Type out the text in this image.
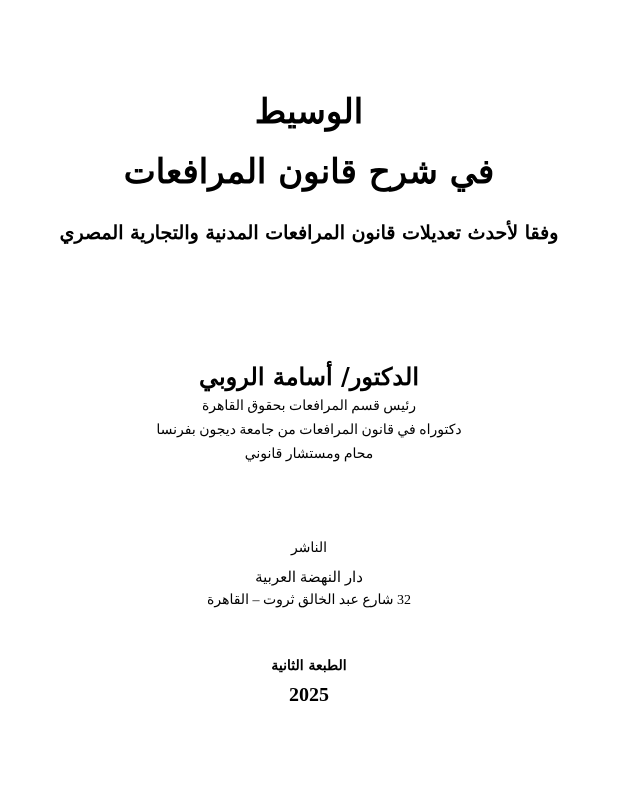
الوسيط
في شرح قانون المرافعات
وفقا لأحدث تعديلات قانون المرافعات المدنية والتجارية المصري
الدكتور/ أسامة الروبي
رئيس قسم المرافعات بحقوق القاهرة
دكتوراه في قانون المرافعات من جامعة ديجون بفرنسا
محام ومستشار قانوني
الناشر
دار النهضة العربية
32 شارع عبد الخالق ثروت – القاهرة
الطبعة الثانية
2025
